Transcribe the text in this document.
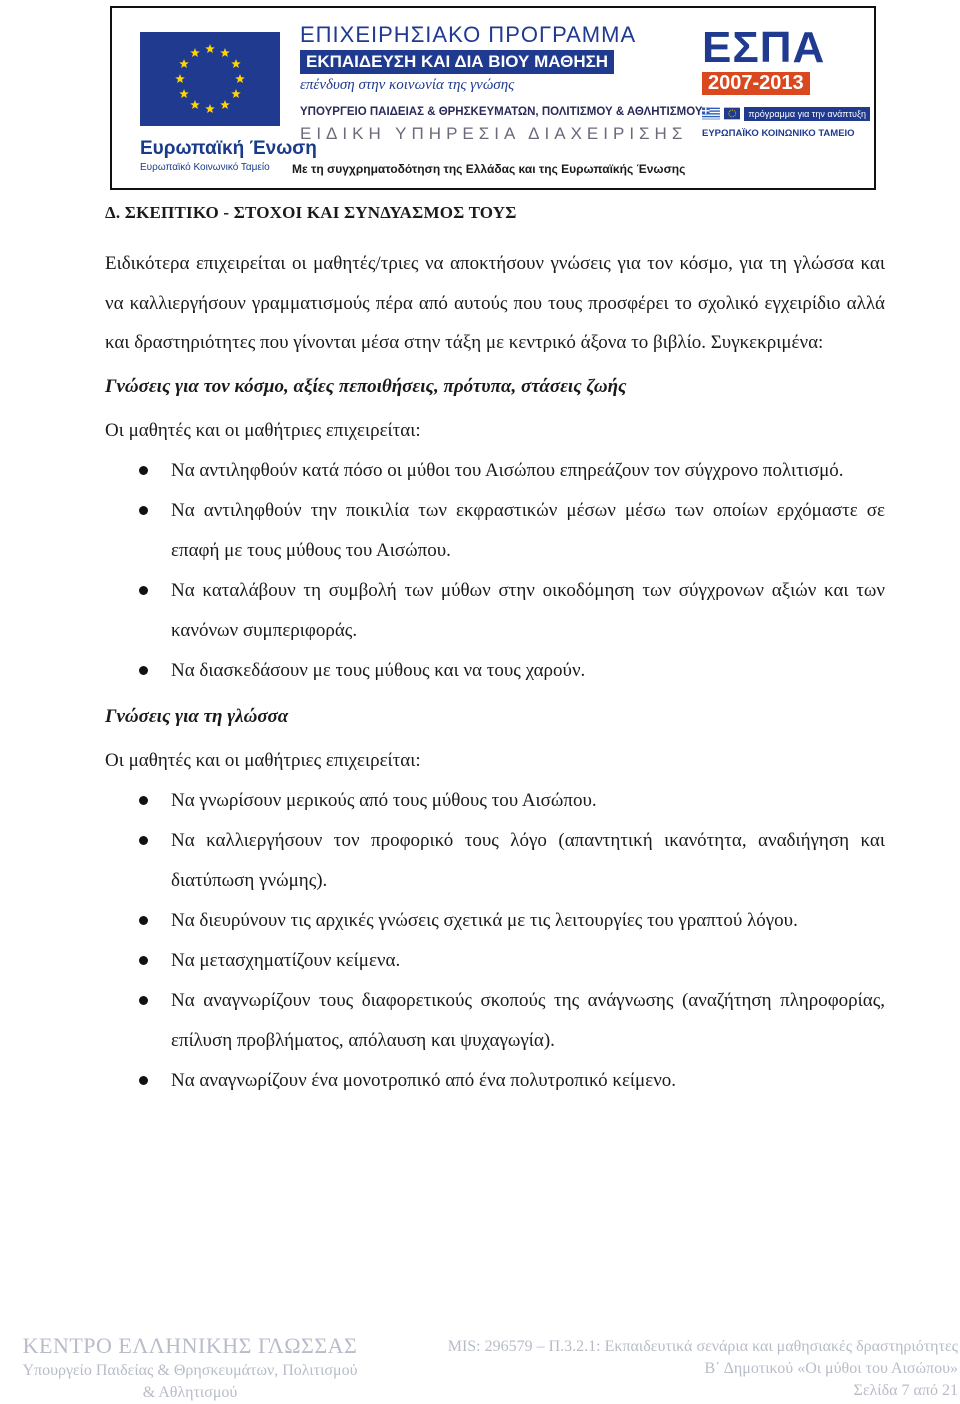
Ευρωπαϊκή Ένωση
Ευρωπαϊκό Κοινωνικό Ταμείο
ΕΠΙΧΕΙΡΗΣΙΑΚΟ ΠΡΟΓΡΑΜΜΑ
ΕΚΠΑΙΔΕΥΣΗ ΚΑΙ ΔΙΑ ΒΙΟΥ ΜΑΘΗΣΗ
επένδυση στην κοινωνία της γνώσης
ΥΠΟΥΡΓΕΙΟ ΠΑΙΔΕΙΑΣ & ΘΡΗΣΚΕΥΜΑΤΩΝ, ΠΟΛΙΤΙΣΜΟΥ & ΑΘΛΗΤΙΣΜΟΥ
ΕΙΔΙΚΗ ΥΠΗΡΕΣΙΑ ΔΙΑΧΕΙΡΙΣΗΣ
Με τη συγχρηματοδότηση της Ελλάδας και της Ευρωπαϊκής Ένωσης
ΕΣΠΑ
2007-2013
πρόγραμμα για την ανάπτυξη
ΕΥΡΩΠΑΪΚΟ ΚΟΙΝΩΝΙΚΟ ΤΑΜΕΙΟ
Δ. ΣΚΕΠΤΙΚΟ - ΣΤΟΧΟΙ ΚΑΙ ΣΥΝΔΥΑΣΜΟΣ ΤΟΥΣ

Ειδικότερα επιχειρείται οι μαθητές/τριες να αποκτήσουν γνώσεις για τον κόσμο, για τη γλώσσα και να καλλιεργήσουν γραμματισμούς πέρα από αυτούς που τους προσφέρει το σχολικό εγχειρίδιο αλλά και δραστηριότητες που γίνονται μέσα στην τάξη με κεντρικό άξονα το βιβλίο. Συγκεκριμένα:

Γνώσεις για τον κόσμο, αξίες πεποιθήσεις, πρότυπα, στάσεις ζωής

Οι μαθητές και οι μαθήτριες επιχειρείται:

Να αντιληφθούν κατά πόσο οι μύθοι του Αισώπου επηρεάζουν τον σύγχρονο πολιτισμό.
Να αντιληφθούν την ποικιλία των εκφραστικών μέσων μέσω των οποίων ερχόμαστε σε επαφή με τους μύθους του Αισώπου.
Να καταλάβουν τη συμβολή των μύθων στην οικοδόμηση των σύγχρονων αξιών και των κανόνων συμπεριφοράς.
Να διασκεδάσουν με τους μύθους και να τους χαρούν.

Γνώσεις για τη γλώσσα

Οι μαθητές και οι μαθήτριες επιχειρείται:

Να γνωρίσουν μερικούς από τους μύθους του Αισώπου.
Να καλλιεργήσουν τον προφορικό τους λόγο (απαντητική ικανότητα, αναδιήγηση και διατύπωση γνώμης).
Να διευρύνουν τις αρχικές γνώσεις σχετικά με τις λειτουργίες του γραπτού λόγου.
Να μετασχηματίζουν κείμενα.
Να αναγνωρίζουν τους διαφορετικούς σκοπούς της ανάγνωσης (αναζήτηση πληροφορίας, επίλυση προβλήματος, απόλαυση και ψυχαγωγία).
Να αναγνωρίζουν ένα μονοτροπικό από ένα πολυτροπικό κείμενο.
ΚΕΝΤΡΟ ΕΛΛΗΝΙΚΗΣ ΓΛΩΣΣΑΣ
Υπουργείο Παιδείας & Θρησκευμάτων, Πολιτισμού
& Αθλητισμού
MIS: 296579 – Π.3.2.1: Εκπαιδευτικά σενάρια και μαθησιακές δραστηριότητες
Β΄ Δημοτικού «Οι μύθοι του Αισώπου»
Σελίδα 7 από 21
